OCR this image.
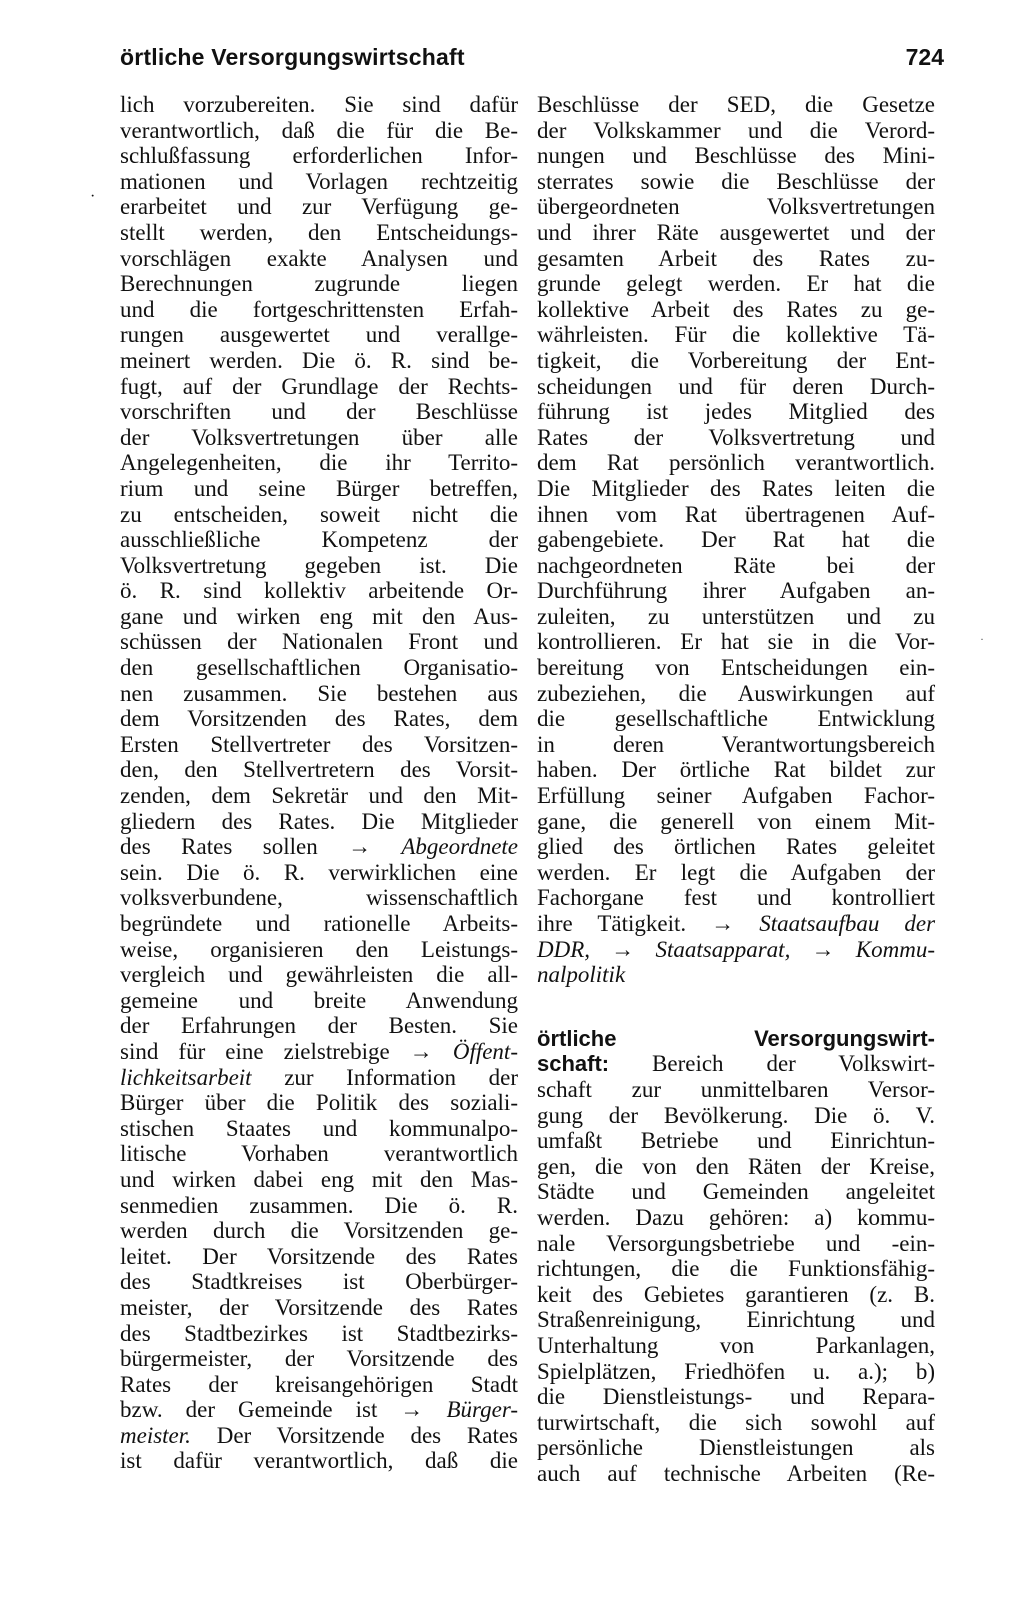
örtliche Versorgungswirtschaft	724
·
·
lich vorzubereiten. Sie sind dafür
verantwortlich, daß die für die Be-
schlußfassung erforderlichen Infor-
mationen und Vorlagen rechtzeitig
erarbeitet und zur Verfügung ge-
stellt werden, den Entscheidungs-
vorschlägen exakte Analysen und
Berechnungen zugrunde liegen
und die fortgeschrittensten Erfah-
rungen ausgewertet und verallge-
meinert werden. Die ö. R. sind be-
fugt, auf der Grundlage der Rechts-
vorschriften und der Beschlüsse
der Volksvertretungen über alle
Angelegenheiten, die ihr Territo-
rium und seine Bürger betreffen,
zu entscheiden, soweit nicht die
ausschließliche Kompetenz der
Volksvertretung gegeben ist. Die
ö. R. sind kollektiv arbeitende Or-
gane und wirken eng mit den Aus-
schüssen der Nationalen Front und
den gesellschaftlichen Organisatio-
nen zusammen. Sie bestehen aus
dem Vorsitzenden des Rates, dem
Ersten Stellvertreter des Vorsitzen-
den, den Stellvertretern des Vorsit-
zenden, dem Sekretär und den Mit-
gliedern des Rates. Die Mitglieder
des Rates sollen → Abgeordnete
sein. Die ö. R. verwirklichen eine
volksverbundene, wissenschaftlich
begründete und rationelle Arbeits-
weise, organisieren den Leistungs-
vergleich und gewährleisten die all-
gemeine und breite Anwendung
der Erfahrungen der Besten. Sie
sind für eine zielstrebige → Öffent-
lichkeitsarbeit zur Information der
Bürger über die Politik des soziali-
stischen Staates und kommunalpo-
litische Vorhaben verantwortlich
und wirken dabei eng mit den Mas-
senmedien zusammen. Die ö. R.
werden durch die Vorsitzenden ge-
leitet. Der Vorsitzende des Rates
des Stadtkreises ist Oberbürger-
meister, der Vorsitzende des Rates
des Stadtbezirkes ist Stadtbezirks-
bürgermeister, der Vorsitzende des
Rates der kreisangehörigen Stadt
bzw. der Gemeinde ist → Bürger-
meister. Der Vorsitzende des Rates
ist dafür verantwortlich, daß die
Beschlüsse der SED, die Gesetze
der Volkskammer und die Verord-
nungen und Beschlüsse des Mini-
sterrates sowie die Beschlüsse der
übergeordneten Volksvertretungen
und ihrer Räte ausgewertet und der
gesamten Arbeit des Rates zu-
grunde gelegt werden. Er hat die
kollektive Arbeit des Rates zu ge-
währleisten. Für die kollektive Tä-
tigkeit, die Vorbereitung der Ent-
scheidungen und für deren Durch-
führung ist jedes Mitglied des
Rates der Volksvertretung und
dem Rat persönlich verantwortlich.
Die Mitglieder des Rates leiten die
ihnen vom Rat übertragenen Auf-
gabengebiete. Der Rat hat die
nachgeordneten Räte bei der
Durchführung ihrer Aufgaben an-
zuleiten, zu unterstützen und zu
kontrollieren. Er hat sie in die Vor-
bereitung von Entscheidungen ein-
zubeziehen, die Auswirkungen auf
die gesellschaftliche Entwicklung
in deren Verantwortungsbereich
haben. Der örtliche Rat bildet zur
Erfüllung seiner Aufgaben Fachor-
gane, die generell von einem Mit-
glied des örtlichen Rates geleitet
werden. Er legt die Aufgaben der
Fachorgane fest und kontrolliert
ihre Tätigkeit. → Staatsaufbau der
DDR, → Staatsapparat, → Kommu-
nalpolitik
örtliche Versorgungswirt-
schaft: Bereich der Volkswirt-
schaft zur unmittelbaren Versor-
gung der Bevölkerung. Die ö. V.
umfaßt Betriebe und Einrichtun-
gen, die von den Räten der Kreise,
Städte und Gemeinden angeleitet
werden. Dazu gehören: a) kommu-
nale Versorgungsbetriebe und -ein-
richtungen, die die Funktionsfähig-
keit des Gebietes garantieren (z. B.
Straßenreinigung, Einrichtung und
Unterhaltung von Parkanlagen,
Spielplätzen, Friedhöfen u. a.); b)
die Dienstleistungs- und Repara-
turwirtschaft, die sich sowohl auf
persönliche Dienstleistungen als
auch auf technische Arbeiten (Re-
